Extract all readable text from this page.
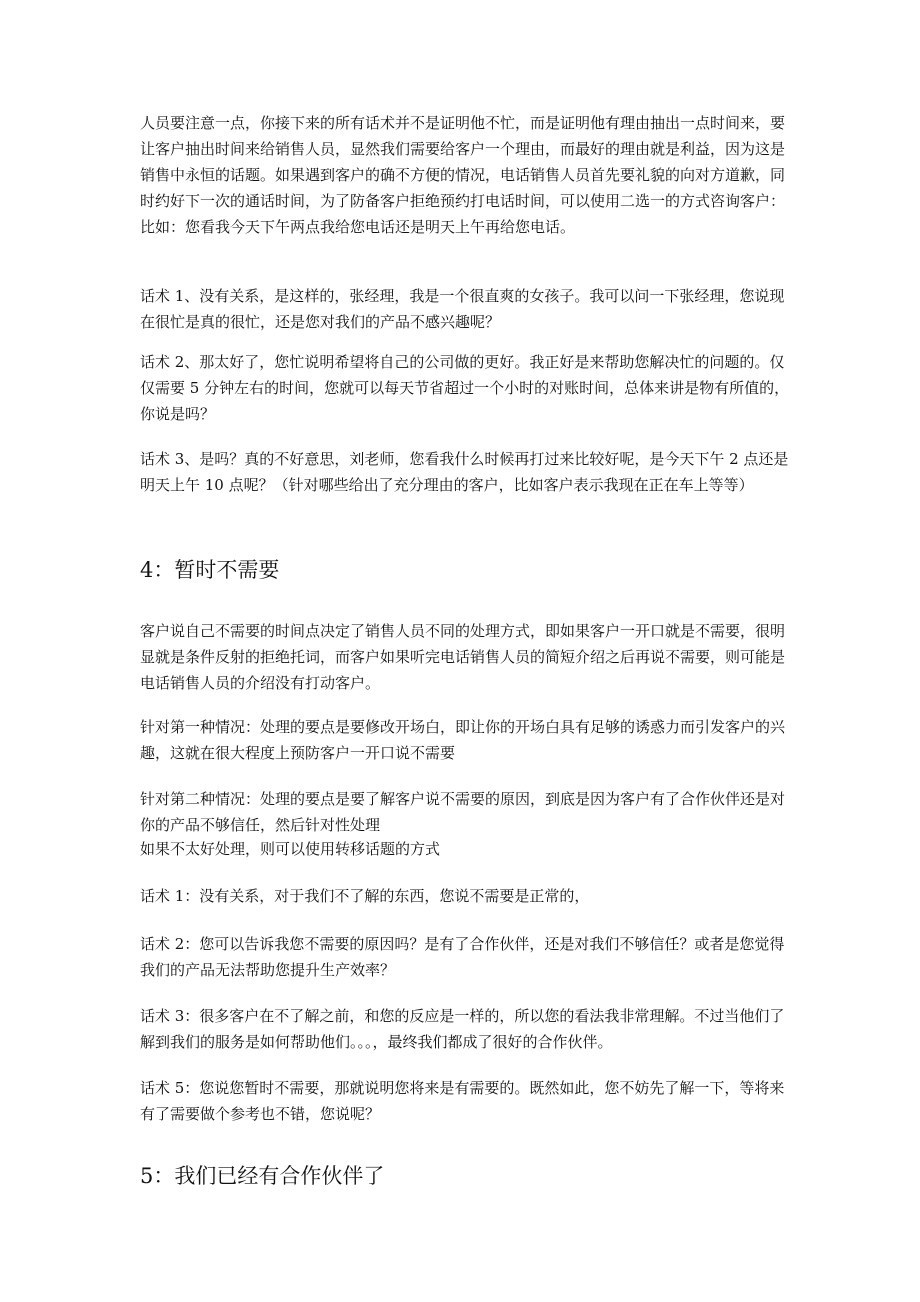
人员要注意一点，你接下来的所有话术并不是证明他不忙，而是证明他有理由抽出一点时间来，要让客户抽出时间来给销售人员，显然我们需要给客户一个理由，而最好的理由就是利益，因为这是销售中永恒的话题。如果遇到客户的确不方便的情况，电话销售人员首先要礼貌的向对方道歉，同时约好下一次的通话时间，为了防备客户拒绝预约打电话时间，可以使用二选一的方式咨询客户：比如：您看我今天下午两点我给您电话还是明天上午再给您电话。

话术 1、没有关系，是这样的，张经理，我是一个很直爽的女孩子。我可以问一下张经理，您说现在很忙是真的很忙，还是您对我们的产品不感兴趣呢？

话术 2、那太好了，您忙说明希望将自己的公司做的更好。我正好是来帮助您解决忙的问题的。仅仅需要 5 分钟左右的时间，您就可以每天节省超过一个小时的对账时间，总体来讲是物有所值的，你说是吗？

话术 3、是吗？真的不好意思，刘老师，您看我什么时候再打过来比较好呢，是今天下午 2 点还是明天上午 10 点呢？（针对哪些给出了充分理由的客户，比如客户表示我现在正在车上等等）

4：暂时不需要

客户说自己不需要的时间点决定了销售人员不同的处理方式，即如果客户一开口就是不需要，很明显就是条件反射的拒绝托词，而客户如果听完电话销售人员的简短介绍之后再说不需要，则可能是电话销售人员的介绍没有打动客户。

针对第一种情况：处理的要点是要修改开场白，即让你的开场白具有足够的诱惑力而引发客户的兴趣，这就在很大程度上预防客户一开口说不需要

针对第二种情况：处理的要点是要了解客户说不需要的原因，到底是因为客户有了合作伙伴还是对你的产品不够信任，然后针对性处理

如果不太好处理，则可以使用转移话题的方式

话术 1：没有关系，对于我们不了解的东西，您说不需要是正常的，

话术 2：您可以告诉我您不需要的原因吗？是有了合作伙伴，还是对我们不够信任？或者是您觉得我们的产品无法帮助您提升生产效率？

话术 3：很多客户在不了解之前，和您的反应是一样的，所以您的看法我非常理解。不过当他们了解到我们的服务是如何帮助他们。。。，最终我们都成了很好的合作伙伴。

话术 5：您说您暂时不需要，那就说明您将来是有需要的。既然如此，您不妨先了解一下，等将来有了需要做个参考也不错，您说呢？

5：我们已经有合作伙伴了
